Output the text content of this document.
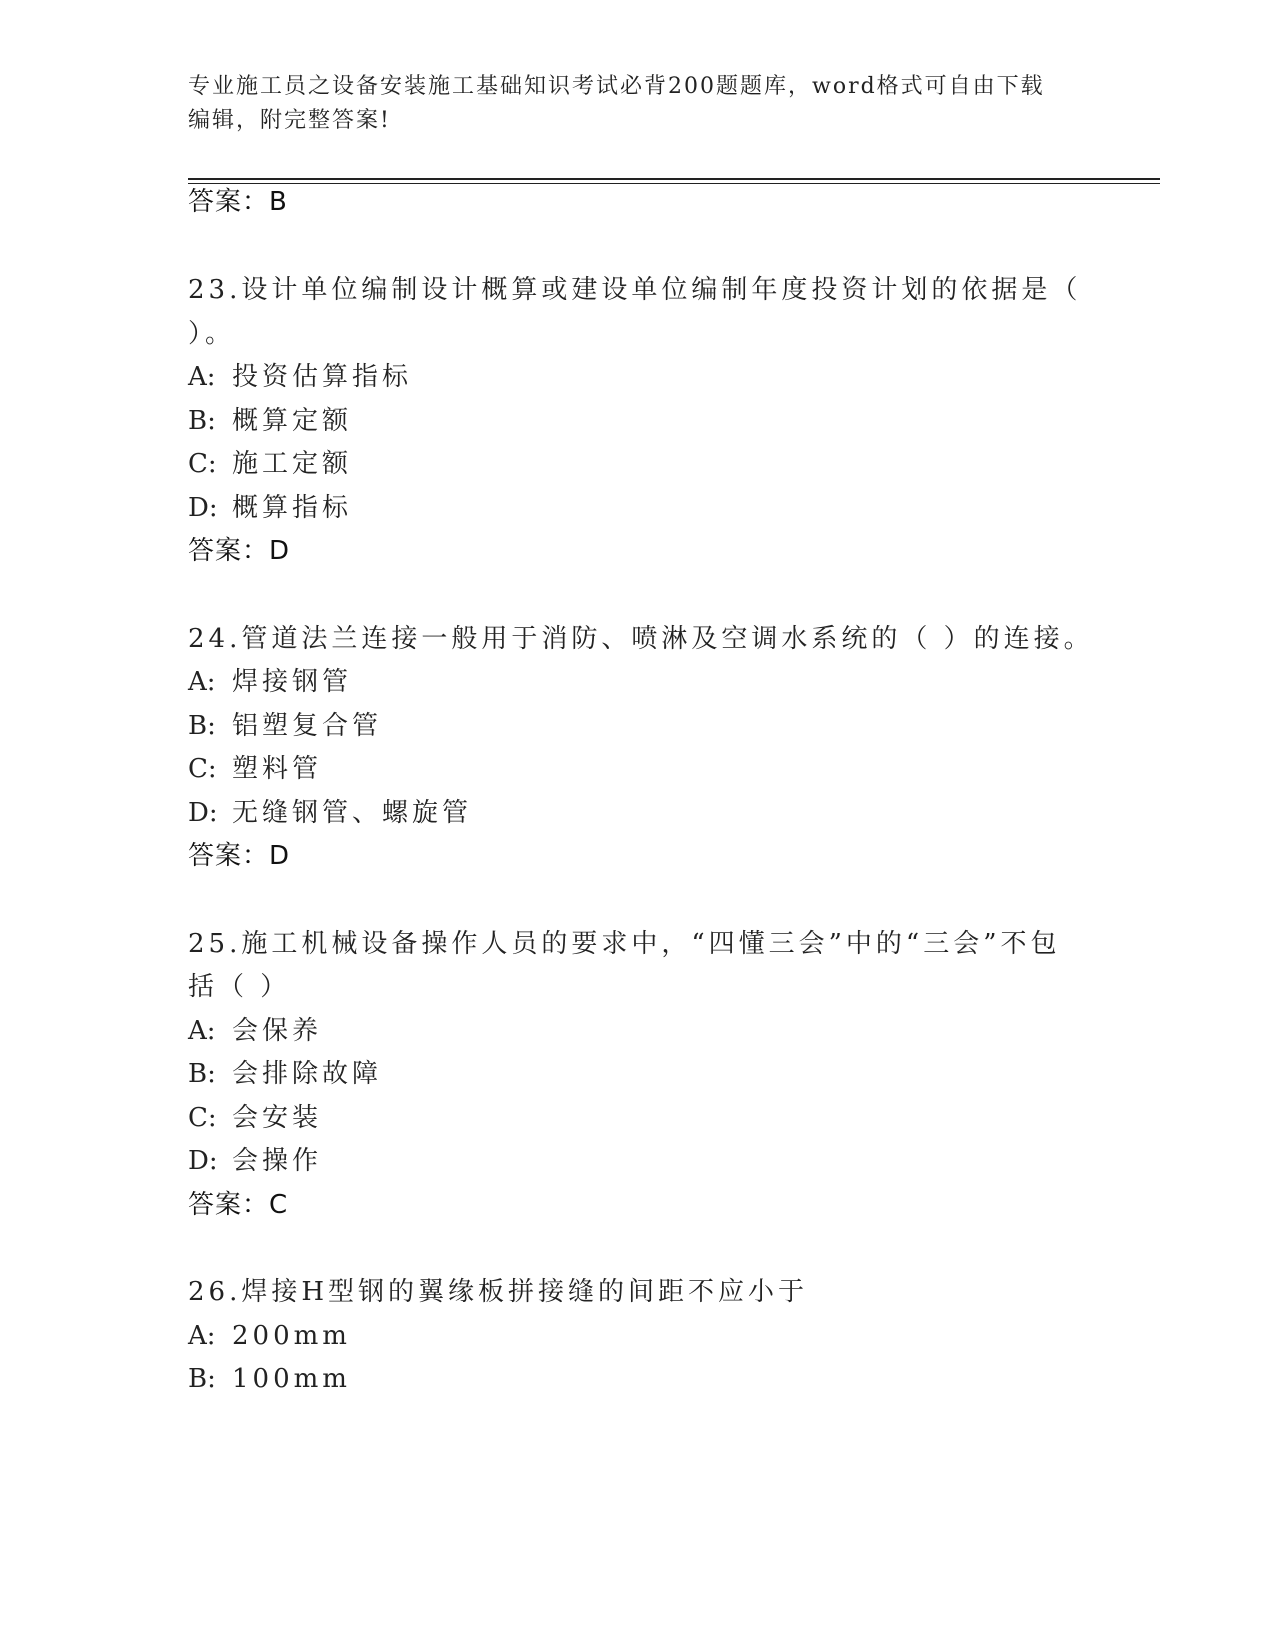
专业施工员之设备安装施工基础知识考试必背200题题库，word格式可自由下载
编辑，附完整答案!
答案：B
23.设计单位编制设计概算或建设单位编制年度投资计划的依据是（
）。
A: 投资估算指标
B: 概算定额
C: 施工定额
D: 概算指标
答案：D
24.管道法兰连接一般用于消防、喷淋及空调水系统的（ ）的连接。
A: 焊接钢管
B: 铝塑复合管
C: 塑料管
D: 无缝钢管、螺旋管
答案：D
25.施工机械设备操作人员的要求中，“四懂三会”中的“三会”不包
括（ ）
A: 会保养
B: 会排除故障
C: 会安装
D: 会操作
答案：C
26.焊接H型钢的翼缘板拼接缝的间距不应小于
A: 200mm
B: 100mm
